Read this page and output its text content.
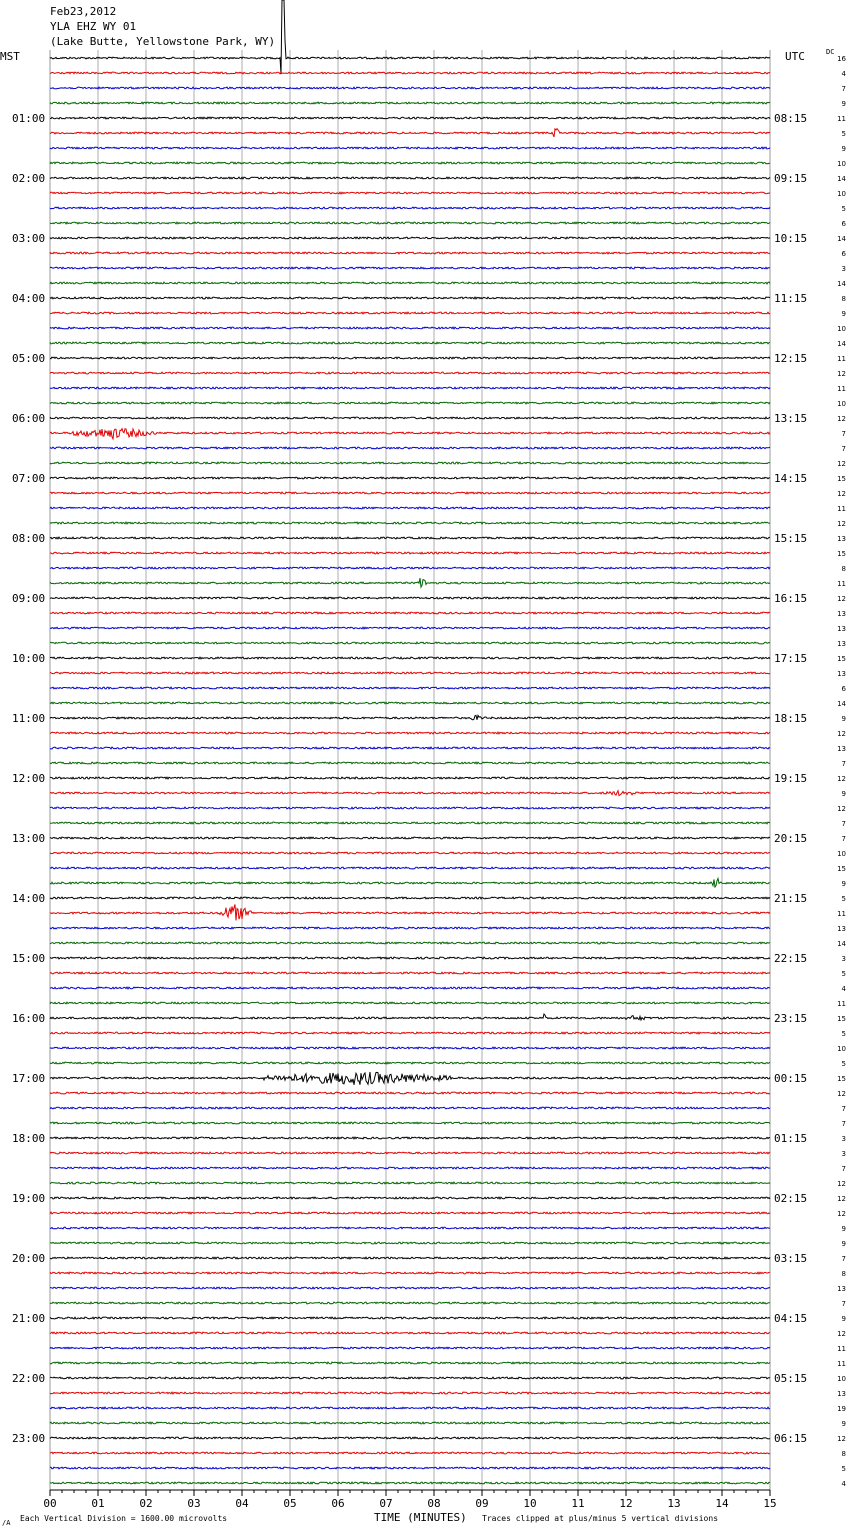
Feb23,2012
YLA EHZ WY 01
(Lake Butte, Yellowstone Park, WY)
MST	UTC	DC
16
4
7
9
11
5
9
10
14
10
5
6
14
6
3
14
8
9
10
14
11
12
11
10
12
7
7
12
15
12
11
12
13
15
8
11
12
13
13
13
15
13
6
14
9
12
13
7
12
9
12
7
7
10
15
9
5
11
13
14
3
5
4
11
15
5
10
5
15
12
7
7
3
3
7
12
12
12
9
9
7
8
13
7
9
12
11
11
10
13
19
9
12
8
5
4
01:00
02:00
03:00
04:00
05:00
06:00
07:00
08:00
09:00
10:00
11:00
12:00
13:00
14:00
15:00
16:00
17:00
18:00
19:00
20:00
21:00
22:00
23:00
08:15
09:15
10:15
11:15
12:15
13:15
14:15
15:15
16:15
17:15
18:15
19:15
20:15
21:15
22:15
23:15
00:15
01:15
02:15
03:15
04:15
05:15
06:15
00	01	02	03	04	05	06	07	08	09	10	11	12	13	14	15
Each Vertical Division = 1600.00 microvolts	TIME (MINUTES) Traces clipped at plus/minus 5 vertical divisions
/A
